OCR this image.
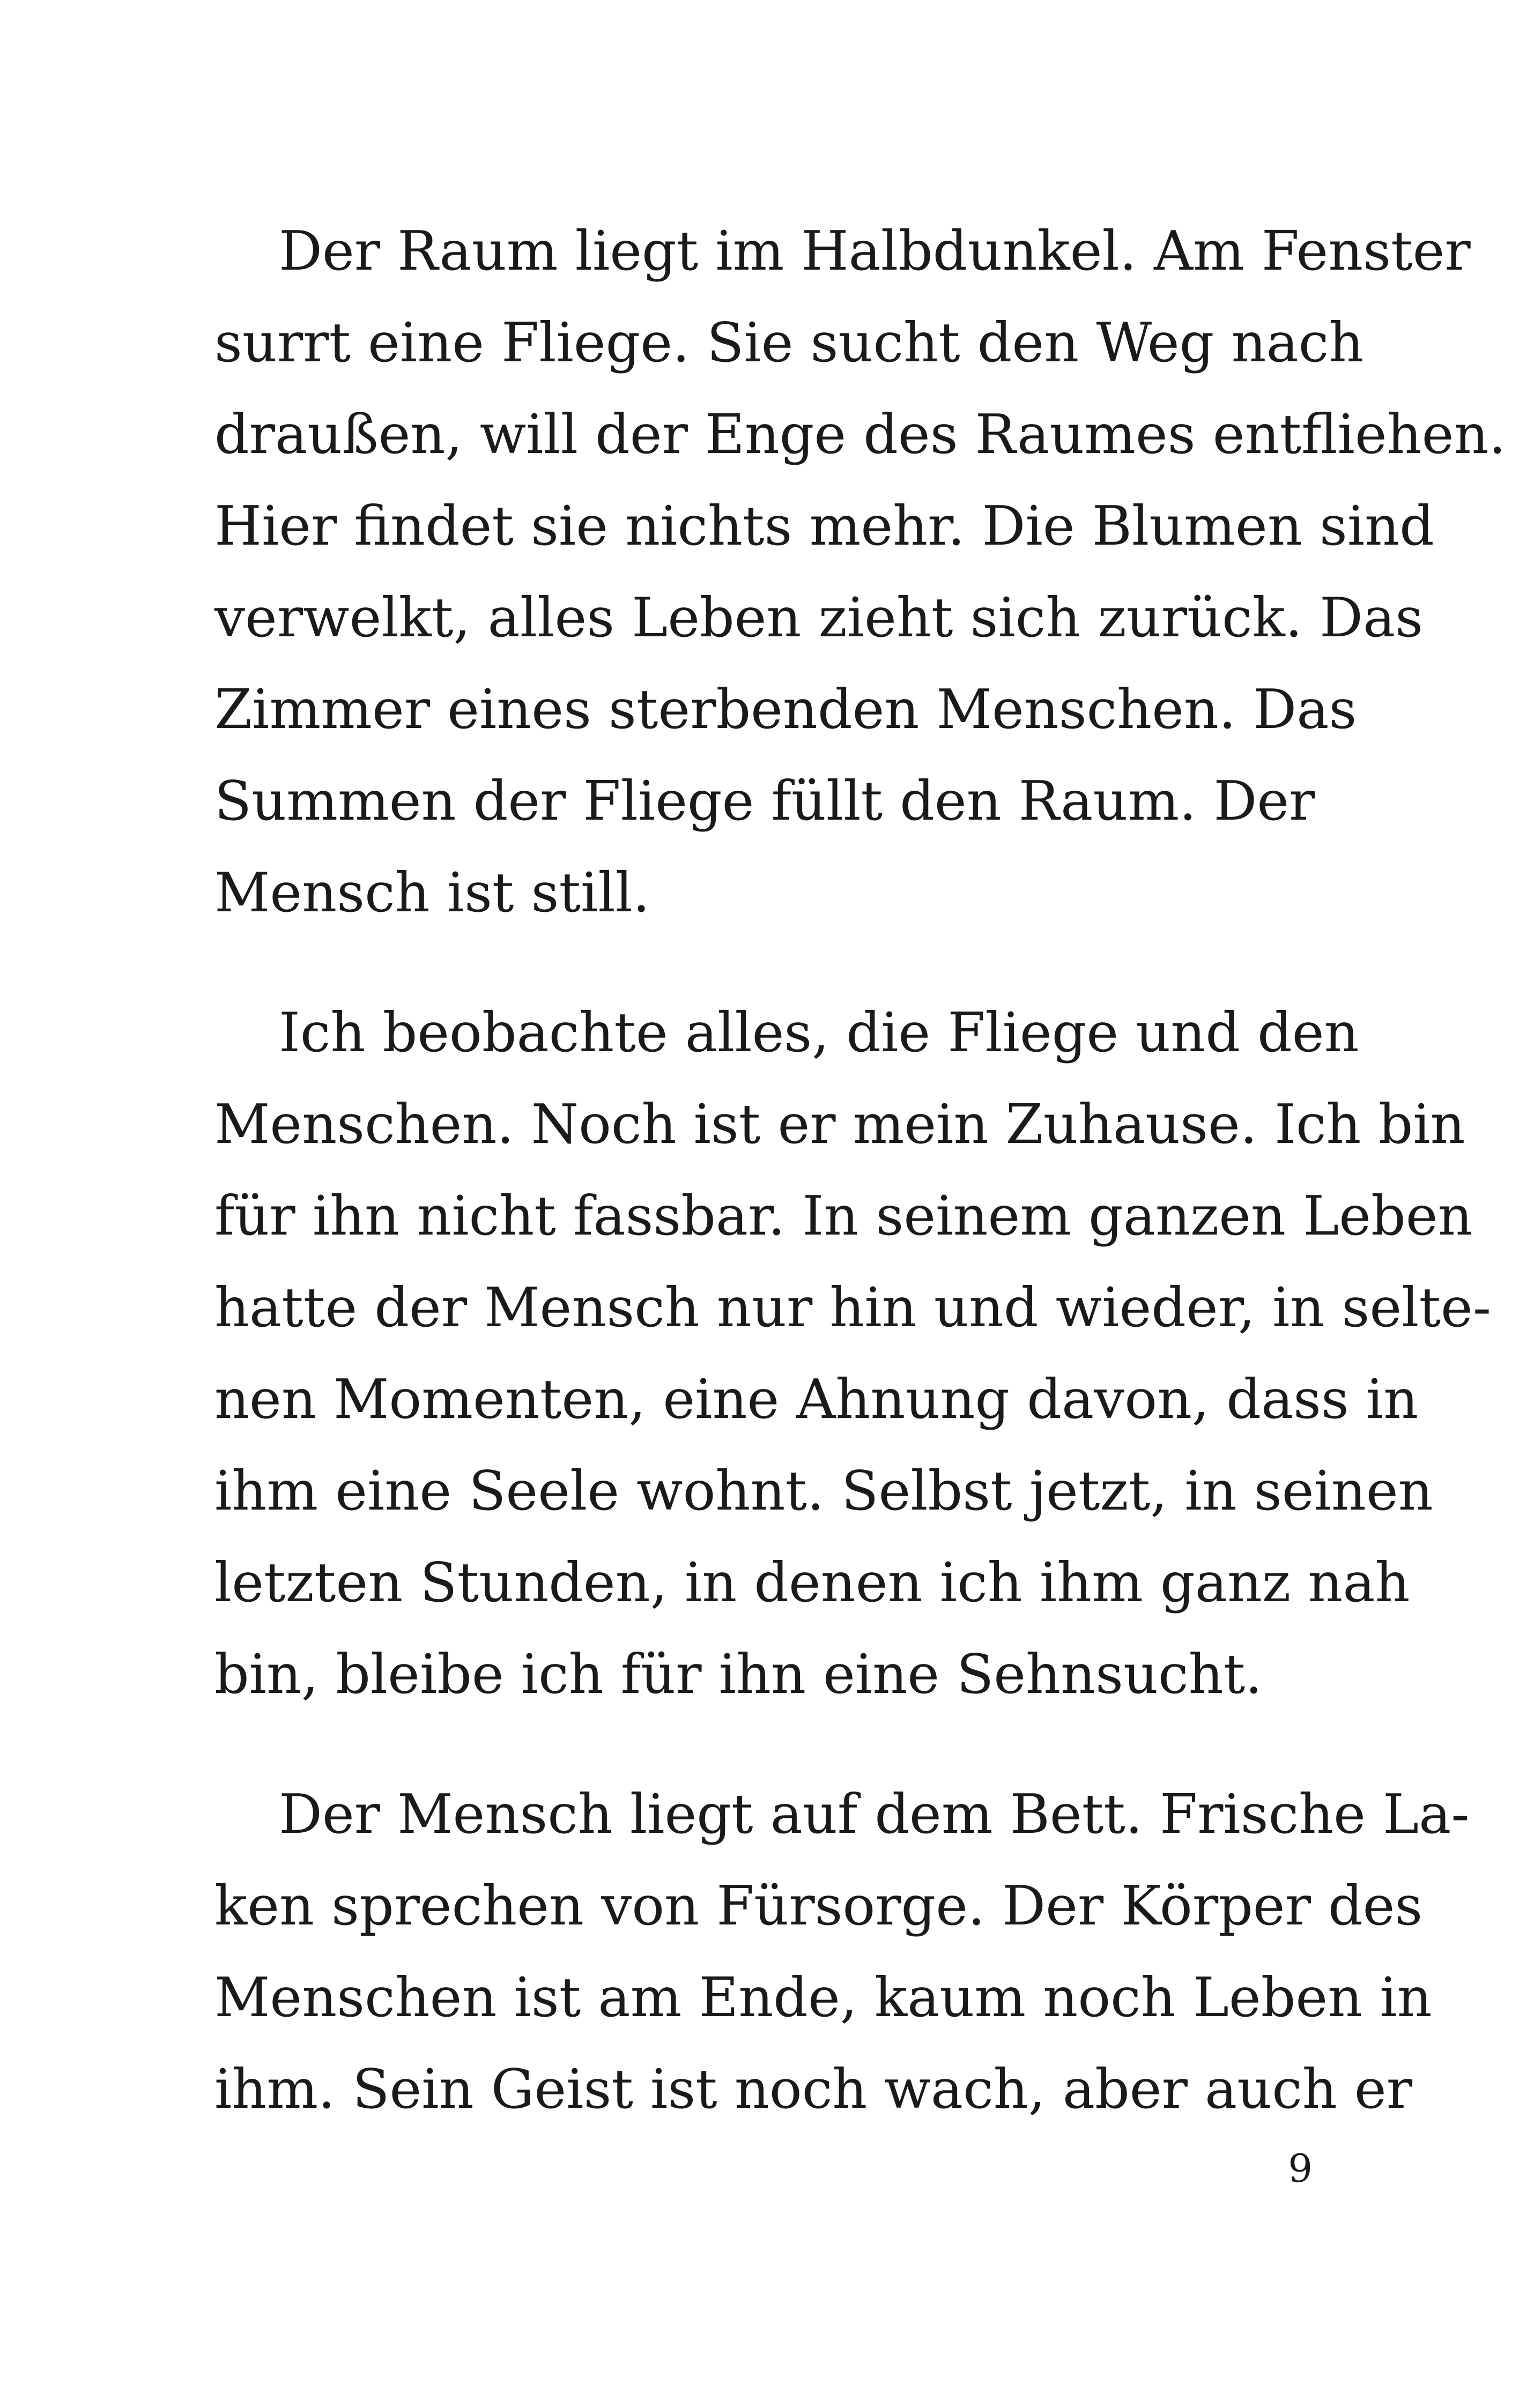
Der Raum liegt im Halbdunkel. Am Fenster
surrt eine Fliege. Sie sucht den Weg nach
draußen, will der Enge des Raumes entfliehen.
Hier findet sie nichts mehr. Die Blumen sind
verwelkt, alles Leben zieht sich zurück. Das
Zimmer eines sterbenden Menschen. Das
Summen der Fliege füllt den Raum. Der
Mensch ist still.
Ich beobachte alles, die Fliege und den
Menschen. Noch ist er mein Zuhause. Ich bin
für ihn nicht fassbar. In seinem ganzen Leben
hatte der Mensch nur hin und wieder, in selte-
nen Momenten, eine Ahnung davon, dass in
ihm eine Seele wohnt. Selbst jetzt, in seinen
letzten Stunden, in denen ich ihm ganz nah
bin, bleibe ich für ihn eine Sehnsucht.
Der Mensch liegt auf dem Bett. Frische La-
ken sprechen von Fürsorge. Der Körper des
Menschen ist am Ende, kaum noch Leben in
ihm. Sein Geist ist noch wach, aber auch er
9
